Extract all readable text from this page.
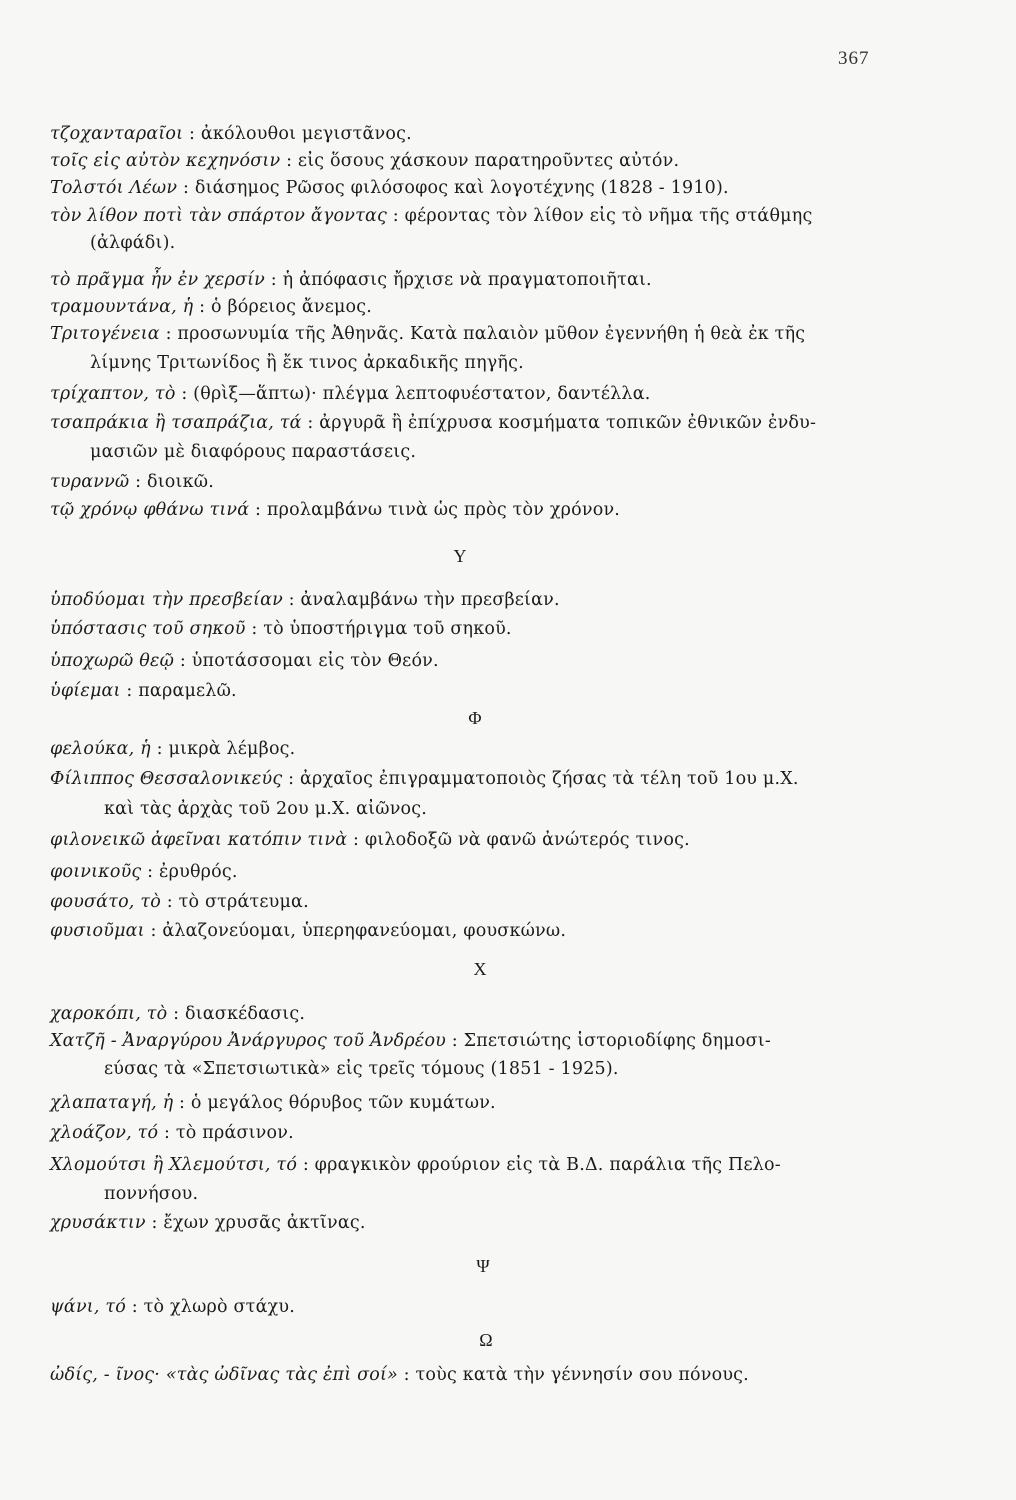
367
τζοχανταραῖοι : ἀκόλουθοι μεγιστᾶνος.
τοῖς εἰς αὐτὸν κεχηνόσιν : εἰς ὅσους χάσκουν παρατηροῦντες αὐτόν.
Τολστόι Λέων : διάσημος Ρῶσος φιλόσοφος καὶ λογοτέχνης (1828 - 1910).
τὸν λίθον ποτὶ τὰν σπάρτον ἄγοντας : φέροντας τὸν λίθον εἰς τὸ νῆμα τῆς στάθμης
(ἀλφάδι).
τὸ πρᾶγμα ἦν ἐν χερσίν : ἡ ἀπόφασις ἤρχισε νὰ πραγματοποιῆται.
τραμουντάνα, ἡ : ὁ βόρειος ἄνεμος.
Τριτογένεια : προσωνυμία τῆς Ἀθηνᾶς. Κατὰ παλαιὸν μῦθον ἐγεννήθη ἡ θεὰ ἐκ τῆς
λίμνης Τριτωνίδος ἢ ἔκ τινος ἀρκαδικῆς πηγῆς.
τρίχαπτον, τὸ : (θρὶξ—ἅπτω)· πλέγμα λεπτοφυέστατον, δαντέλλα.
τσαπράκια ἢ τσαπράζια, τά : ἀργυρᾶ ἢ ἐπίχρυσα κοσμήματα τοπικῶν ἐθνικῶν ἐνδυ-
μασιῶν μὲ διαφόρους παραστάσεις.
τυραννῶ : διοικῶ.
τῷ χρόνῳ φθάνω τινά : προλαμβάνω τινὰ ὡς πρὸς τὸν χρόνον.
Υ
ὑποδύομαι τὴν πρεσβείαν : ἀναλαμβάνω τὴν πρεσβείαν.
ὑπόστασις τοῦ σηκοῦ : τὸ ὑποστήριγμα τοῦ σηκοῦ.
ὑποχωρῶ θεῷ : ὑποτάσσομαι εἰς τὸν Θεόν.
ὑφίεμαι : παραμελῶ.
Φ
φελούκα, ἡ : μικρὰ λέμβος.
Φίλιππος Θεσσαλονικεύς : ἀρχαῖος ἐπιγραμματοποιὸς ζήσας τὰ τέλη τοῦ 1ου μ.Χ.
καὶ τὰς ἀρχὰς τοῦ 2ου μ.Χ. αἰῶνος.
φιλονεικῶ ἀφεῖναι κατόπιν τινὰ : φιλοδοξῶ νὰ φανῶ ἀνώτερός τινος.
φοινικοῦς : ἐρυθρός.
φουσάτο, τὸ : τὸ στράτευμα.
φυσιοῦμαι : ἀλαζονεύομαι, ὑπερηφανεύομαι, φουσκώνω.
Χ
χαροκόπι, τὸ : διασκέδασις.
Χατζῆ - Ἀναργύρου Ἀνάργυρος τοῦ Ἀνδρέου : Σπετσιώτης ἱστοριοδίφης δημοσι-
εύσας τὰ «Σπετσιωτικὰ» εἰς τρεῖς τόμους (1851 - 1925).
χλαπαταγή, ἡ : ὁ μεγάλος θόρυβος τῶν κυμάτων.
χλοάζον, τό : τὸ πράσινον.
Χλομούτσι ἢ Χλεμούτσι, τό : φραγκικὸν φρούριον εἰς τὰ Β.Δ. παράλια τῆς Πελο-
ποννήσου.
χρυσάκτιν : ἔχων χρυσᾶς ἀκτῖνας.
Ψ
ψάνι, τό : τὸ χλωρὸ στάχυ.
Ω
ὠδίς, - ῖνος· «τὰς ὠδῖνας τὰς ἐπὶ σοί» : τοὺς κατὰ τὴν γέννησίν σου πόνους.
